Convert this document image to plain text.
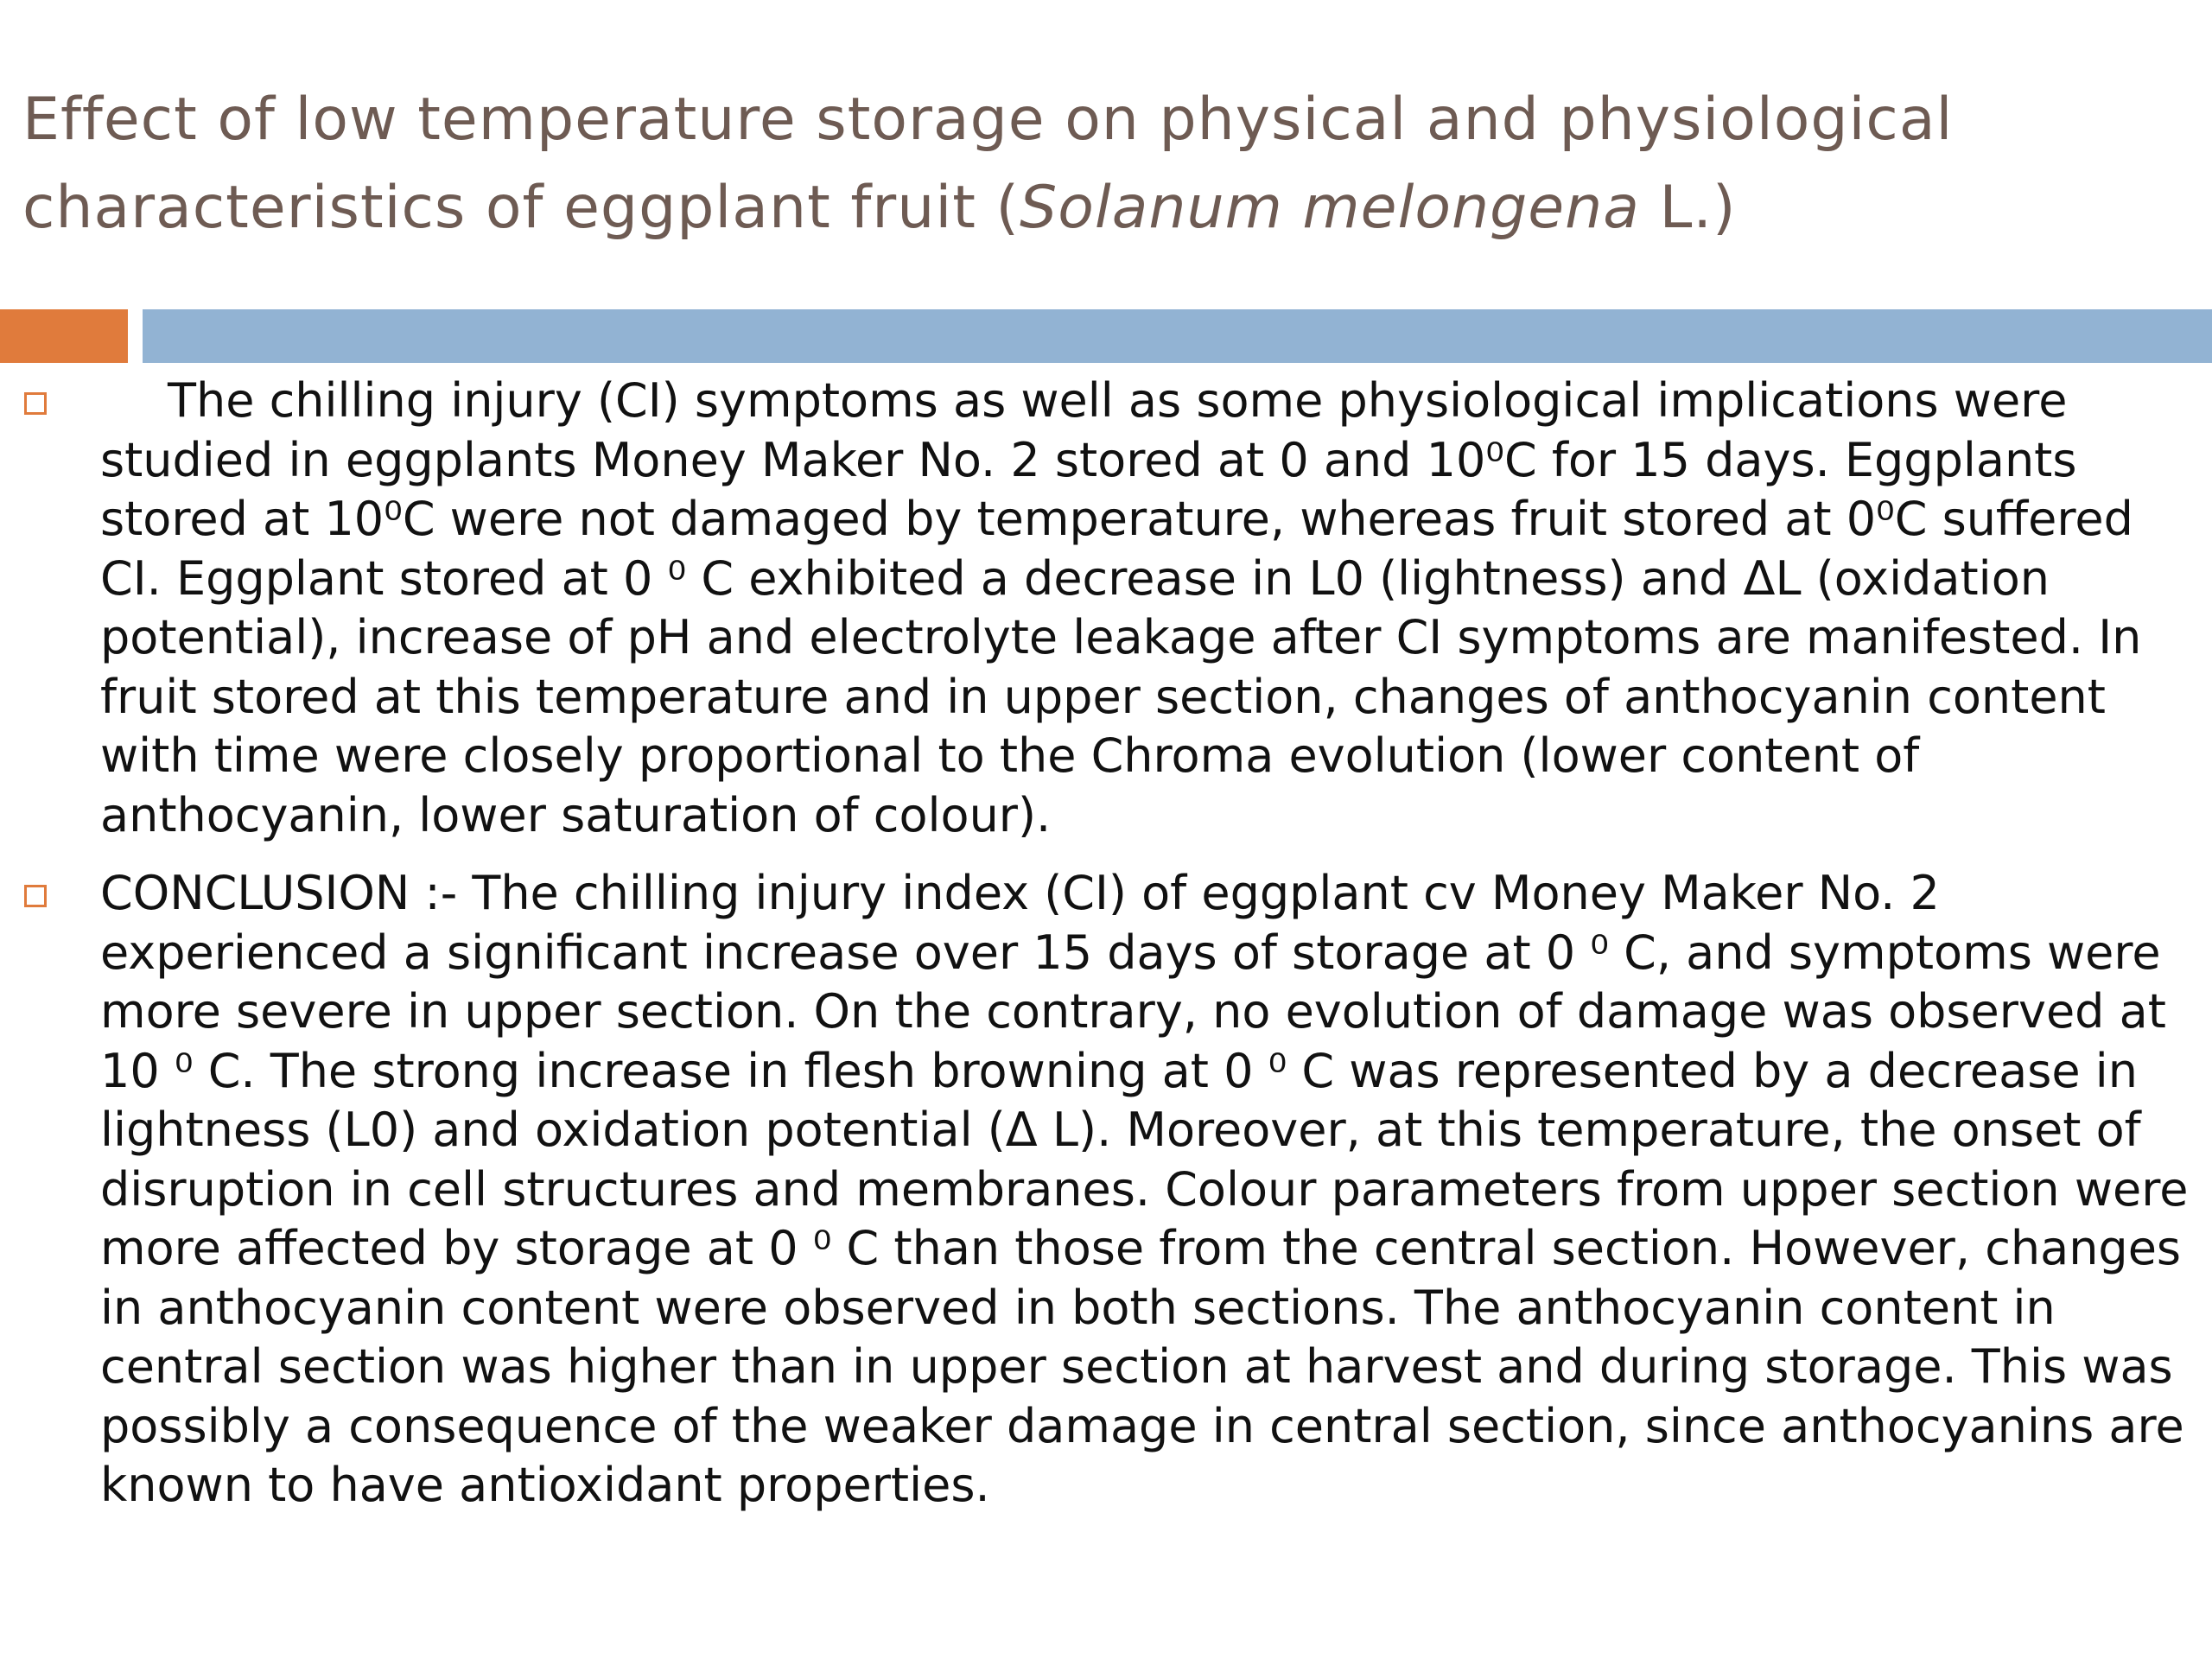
Effect of low temperature storage on physical and physiological
characteristics of eggplant fruit (Solanum melongena L.)

The chilling injury (CI) symptoms as well as some physiological implications were studied in eggplants Money Maker No. 2 stored at 0 and 10⁰C for 15 days. Eggplants stored at 10⁰C were not damaged by temperature, whereas fruit stored at 0⁰C suffered CI. Eggplant stored at 0 ⁰ C exhibited a decrease in L0 (lightness) and ΔL (oxidation potential), increase of pH and electrolyte leakage after CI symptoms are manifested. In fruit stored at this temperature and in upper section, changes of anthocyanin content with time were closely proportional to the Chroma evolution (lower content of anthocyanin, lower saturation of colour).

CONCLUSION :- The chilling injury index (CI) of eggplant cv Money Maker No. 2 experienced a significant increase over 15 days of storage at 0 ⁰ C, and symptoms were more severe in upper section. On the contrary, no evolution of damage was observed at 10 ⁰ C. The strong increase in flesh browning at 0 ⁰ C was represented by a decrease in lightness (L0) and oxidation potential (Δ L). Moreover, at this temperature, the onset of disruption in cell structures and membranes. Colour parameters from upper section were more affected by storage at 0 ⁰ C than those from the central section. However, changes in anthocyanin content were observed in both sections. The anthocyanin content in central section was higher than in upper section at harvest and during storage. This was possibly a consequence of the weaker damage in central section, since anthocyanins are known to have antioxidant properties.
